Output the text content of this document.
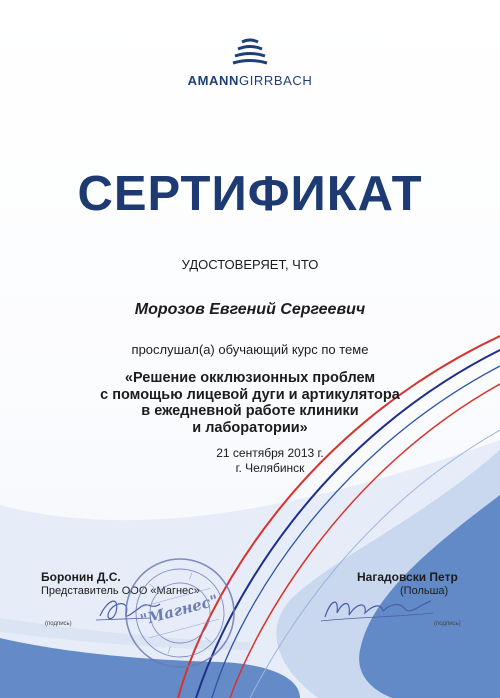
AMANNGIRRBACH
СЕРТИФИКАТ
УДОСТОВЕРЯЕТ, ЧТО
Морозов Евгений Сергеевич
прослушал(а) обучающий курс по теме
«Решение окклюзионных проблем
с помощью лицевой дуги и артикулятора
в ежедневной работе клиники
и лаборатории»
21 сентября 2013 г.
г. Челябинск
Боронин Д.С.
Представитель ООО «Магнес»
Нагадовски Петр
(Польша)
(подпись)	(подпись)
"Магнес"
